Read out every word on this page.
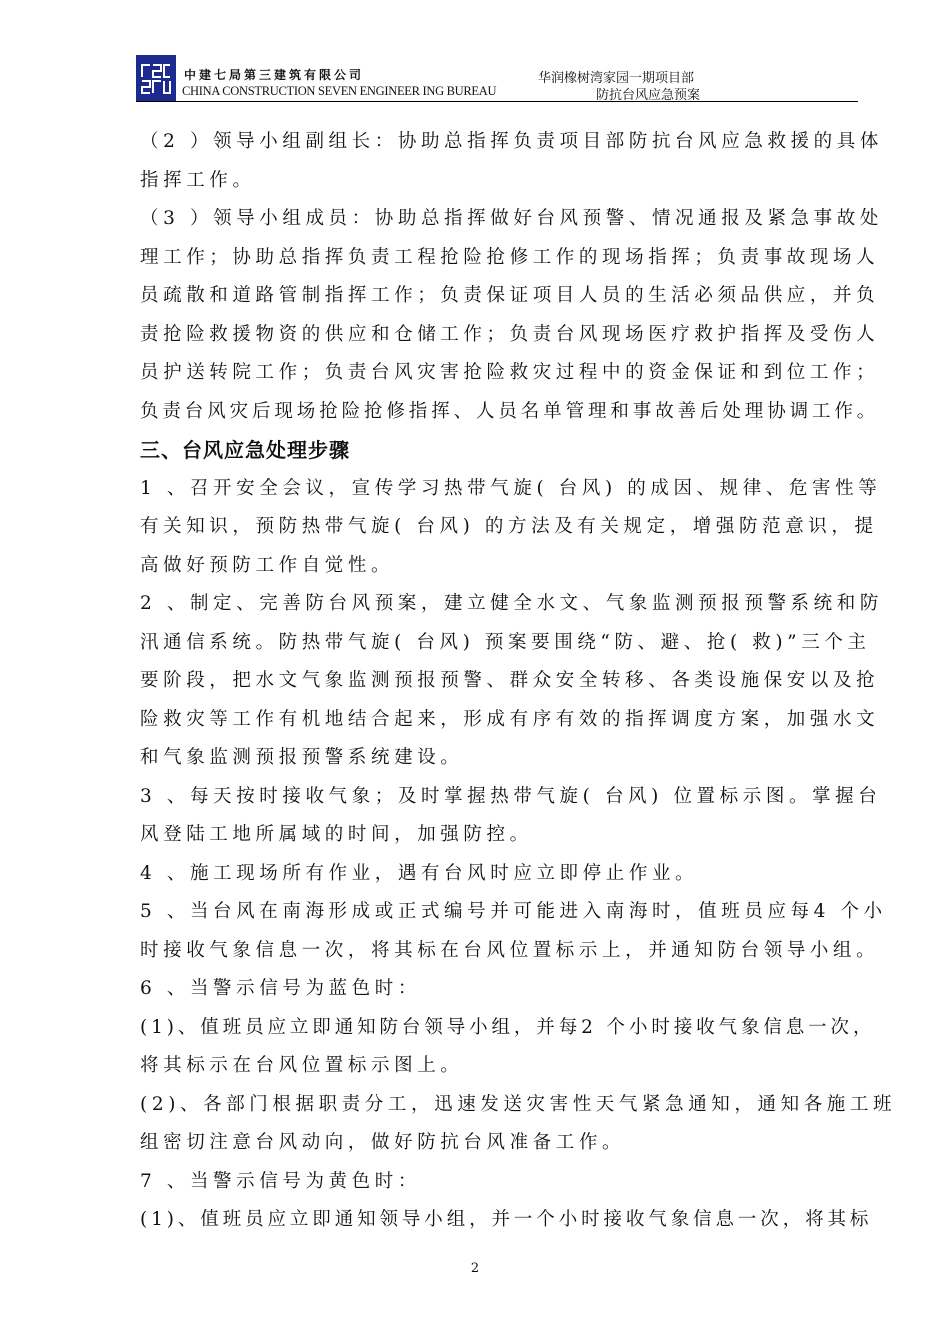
中建七局第三建筑有限公司
CHINA CONSTRUCTION SEVEN ENGINEER ING BUREAU
华润橡树湾家园一期项目部
防抗台风应急预案
（2 ）领导小组副组长：协助总指挥负责项目部防抗台风应急救援的具体
指挥工作。
（3 ）领导小组成员：协助总指挥做好台风预警、情况通报及紧急事故处
理工作；协助总指挥负责工程抢险抢修工作的现场指挥；负责事故现场人
员疏散和道路管制指挥工作；负责保证项目人员的生活必须品供应，并负
责抢险救援物资的供应和仓储工作；负责台风现场医疗救护指挥及受伤人
员护送转院工作；负责台风灾害抢险救灾过程中的资金保证和到位工作；
负责台风灾后现场抢险抢修指挥、人员名单管理和事故善后处理协调工作。
三、台风应急处理步骤
1 、召开安全会议，宣传学习热带气旋( 台风) 的成因、规律、危害性等
有关知识，预防热带气旋( 台风) 的方法及有关规定，增强防范意识，提
高做好预防工作自觉性。
2 、制定、完善防台风预案，建立健全水文、气象监测预报预警系统和防
汛通信系统。防热带气旋( 台风) 预案要围绕“防、避、抢( 救)”三个主
要阶段，把水文气象监测预报预警、群众安全转移、各类设施保安以及抢
险救灾等工作有机地结合起来，形成有序有效的指挥调度方案，加强水文
和气象监测预报预警系统建设。
3 、每天按时接收气象；及时掌握热带气旋( 台风) 位置标示图。掌握台
风登陆工地所属域的时间，加强防控。
4 、施工现场所有作业，遇有台风时应立即停止作业。
5 、当台风在南海形成或正式编号并可能进入南海时，值班员应每4 个小
时接收气象信息一次，将其标在台风位置标示上，并通知防台领导小组。
6 、当警示信号为蓝色时：
(1)、值班员应立即通知防台领导小组，并每2 个小时接收气象信息一次，
将其标示在台风位置标示图上。
(2)、各部门根据职责分工，迅速发送灾害性天气紧急通知，通知各施工班
组密切注意台风动向，做好防抗台风准备工作。
7 、当警示信号为黄色时：
(1)、值班员应立即通知领导小组，并一个小时接收气象信息一次，将其标
2
